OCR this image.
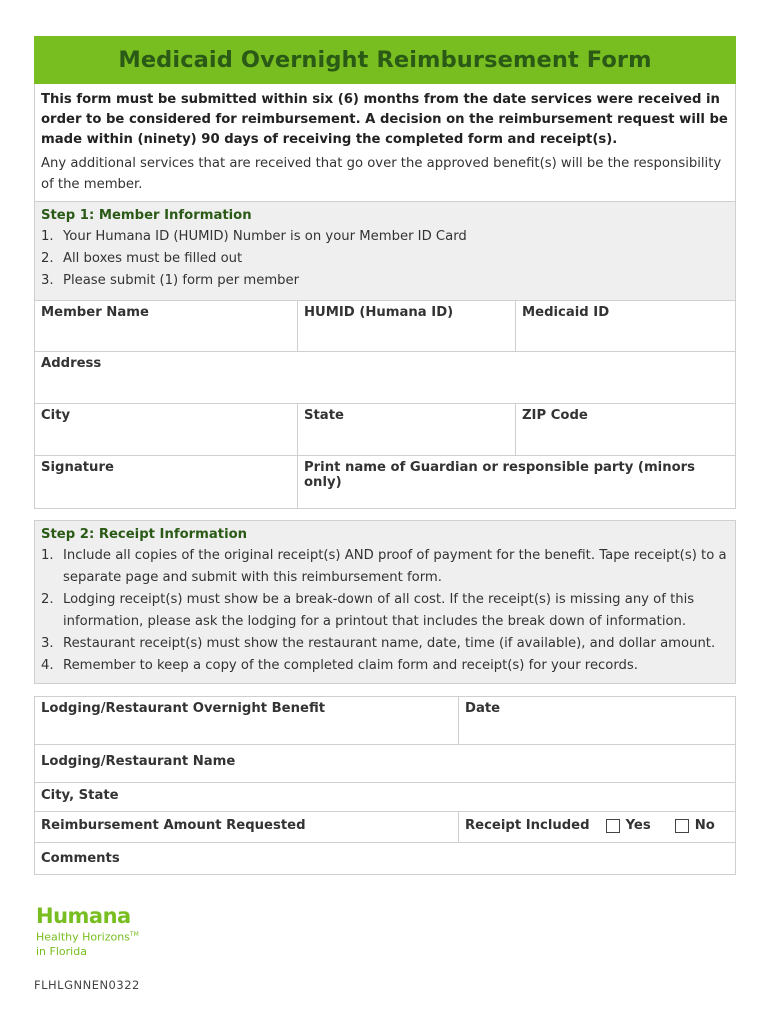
Medicaid Overnight Reimbursement Form

This form must be submitted within six (6) months from the date services were received in order to be considered for reimbursement. A decision on the reimbursement request will be made within (ninety) 90 days of receiving the completed form and receipt(s).

Any additional services that are received that go over the approved benefit(s) will be the responsibility of the member.

Step 1: Member Information
1. Your Humana ID (HUMID) Number is on your Member ID Card
2. All boxes must be filled out
3. Please submit (1) form per member
Member Name	HUMID (Humana ID)	Medicaid ID
Address
City	State	ZIP Code
Signature	Print name of Guardian or responsible party (minors only)
Step 2: Receipt Information
1. Include all copies of the original receipt(s) AND proof of payment for the benefit. Tape receipt(s) to a separate page and submit with this reimbursement form.
2. Lodging receipt(s) must show be a break-down of all cost. If the receipt(s) is missing any of this information, please ask the lodging for a printout that includes the break down of information.
3. Restaurant receipt(s) must show the restaurant name, date, time (if available), and dollar amount.
4. Remember to keep a copy of the completed claim form and receipt(s) for your records.
Lodging/Restaurant Overnight Benefit	Date
Lodging/Restaurant Name
City, State
Reimbursement Amount Requested	Receipt Included	Yes	No
Comments
Humana
Healthy Horizons™
in Florida
FLHLGNNEN0322
